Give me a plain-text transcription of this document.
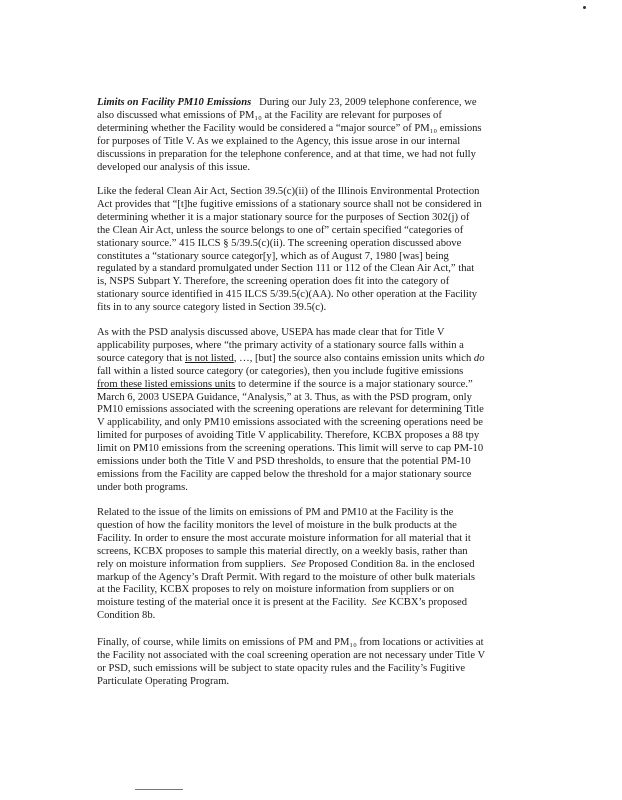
Limits on Facility PM10 Emissions   During our July 23, 2009 telephone conference, we
also discussed what emissions of PM₁₀ at the Facility are relevant for purposes of
determining whether the Facility would be considered a “major source” of PM₁₀ emissions
for purposes of Title V. As we explained to the Agency, this issue arose in our internal
discussions in preparation for the telephone conference, and at that time, we had not fully
developed our analysis of this issue.

Like the federal Clean Air Act, Section 39.5(c)(ii) of the Illinois Environmental Protection
Act provides that “[t]he fugitive emissions of a stationary source shall not be considered in
determining whether it is a major stationary source for the purposes of Section 302(j) of
the Clean Air Act, unless the source belongs to one of” certain specified “categories of
stationary source.” 415 ILCS § 5/39.5(c)(ii). The screening operation discussed above
constitutes a “stationary source categor[y], which as of August 7, 1980 [was] being
regulated by a standard promulgated under Section 111 or 112 of the Clean Air Act,” that
is, NSPS Subpart Y. Therefore, the screening operation does fit into the category of
stationary source identified in 415 ILCS 5/39.5(c)(AA). No other operation at the Facility
fits in to any source category listed in Section 39.5(c).

As with the PSD analysis discussed above, USEPA has made clear that for Title V
applicability purposes, where “the primary activity of a stationary source falls within a
source category that is not listed, …, [but] the source also contains emission units which do
fall within a listed source category (or categories), then you include fugitive emissions
from these listed emissions units to determine if the source is a major stationary source.”
March 6, 2003 USEPA Guidance, “Analysis,” at 3. Thus, as with the PSD program, only
PM10 emissions associated with the screening operations are relevant for determining Title
V applicability, and only PM10 emissions associated with the screening operations need be
limited for purposes of avoiding Title V applicability. Therefore, KCBX proposes a 88 tpy
limit on PM10 emissions from the screening operations. This limit will serve to cap PM-10
emissions under both the Title V and PSD thresholds, to ensure that the potential PM-10
emissions from the Facility are capped below the threshold for a major stationary source
under both programs.

Related to the issue of the limits on emissions of PM and PM10 at the Facility is the
question of how the facility monitors the level of moisture in the bulk products at the
Facility. In order to ensure the most accurate moisture information for all material that it
screens, KCBX proposes to sample this material directly, on a weekly basis, rather than
rely on moisture information from suppliers.  See Proposed Condition 8a. in the enclosed
markup of the Agency’s Draft Permit. With regard to the moisture of other bulk materials
at the Facility, KCBX proposes to rely on moisture information from suppliers or on
moisture testing of the material once it is present at the Facility.  See KCBX’s proposed
Condition 8b.

Finally, of course, while limits on emissions of PM and PM₁₀ from locations or activities at
the Facility not associated with the coal screening operation are not necessary under Title V
or PSD, such emissions will be subject to state opacity rules and the Facility’s Fugitive
Particulate Operating Program.
